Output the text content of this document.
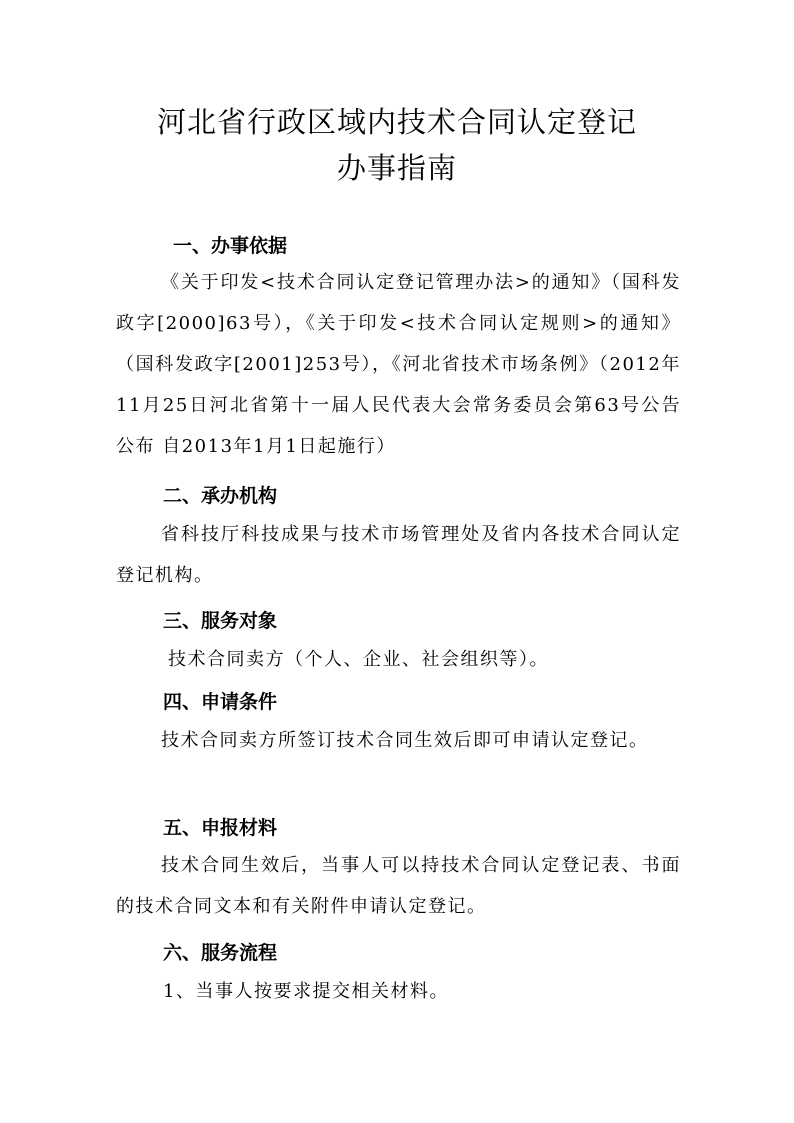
河北省行政区域内技术合同认定登记
办事指南
一、办事依据
《关于印发<技术合同认定登记管理办法>的通知》（国科发政字[2000]63号），《关于印发<技术合同认定规则>的通知》（国科发政字[2001]253号），《河北省技术市场条例》（2012年11月25日河北省第十一届人民代表大会常务委员会第63号公告公布 自2013年1月1日起施行）
二、承办机构
省科技厅科技成果与技术市场管理处及省内各技术合同认定登记机构。
三、服务对象
技术合同卖方（个人、企业、社会组织等）。
四、申请条件
技术合同卖方所签订技术合同生效后即可申请认定登记。
五、申报材料
技术合同生效后，当事人可以持技术合同认定登记表、书面的技术合同文本和有关附件申请认定登记。
六、服务流程
1、当事人按要求提交相关材料。
